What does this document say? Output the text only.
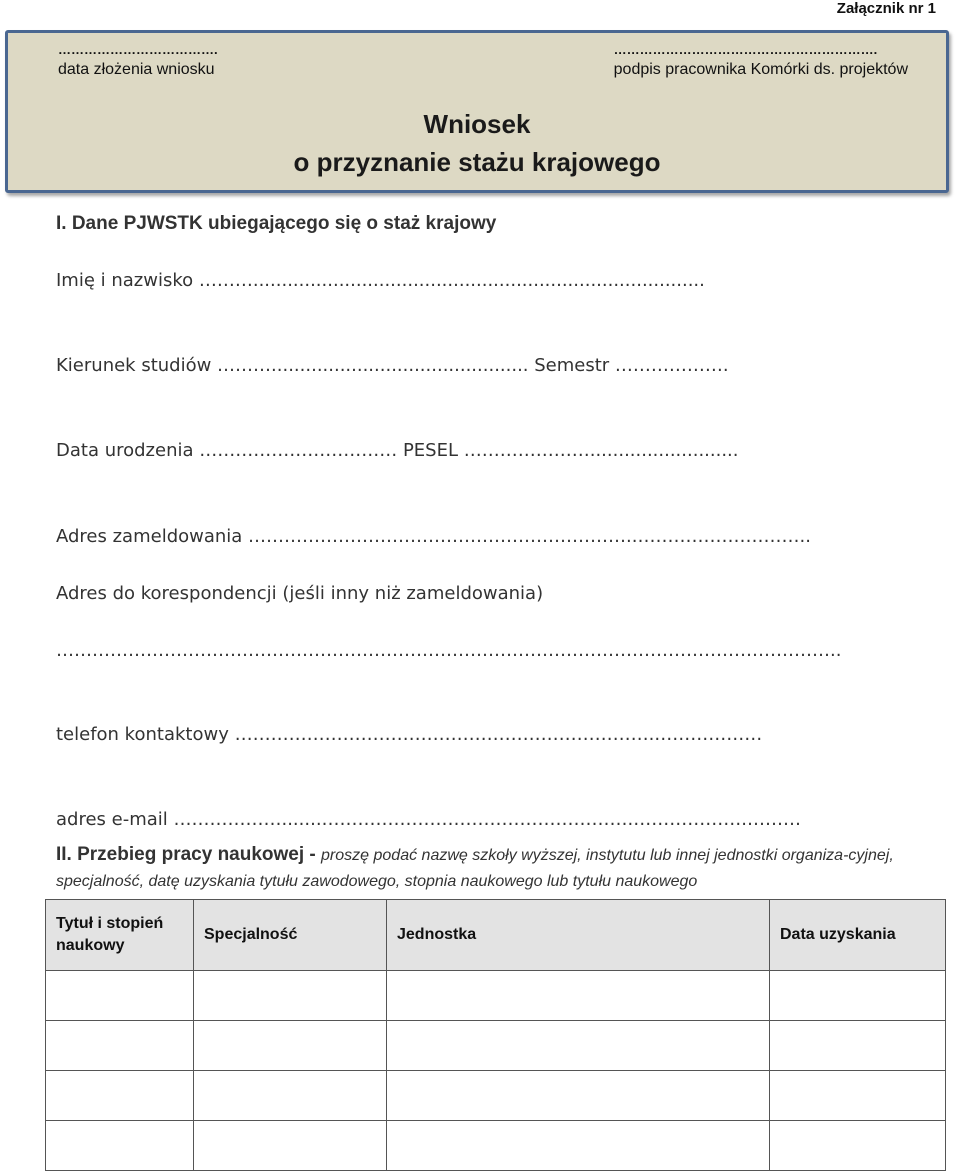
Załącznik nr 1
……………………………….
data złożenia wniosku
…………………………………………………….
podpis pracownika Komórki ds. projektów
Wniosek
o przyznanie stażu krajowego
I. Dane PJWSTK ubiegającego się o staż krajowy
Imię i nazwisko ………...............................................................................
Kierunek studiów ………............................................. Semestr ……………….
Data urodzenia …………………………… PESEL …………………..........................
Adres zameldowania ………………………………………………………..………………………..
Adres do korespondencji (jeśli inny niż zameldowania)
…………………………………………………………………………………………………………………..
telefon kontaktowy …………………………………………………………….………………
adres e-mail ……………….......…………………………………………….……………….………
II. Przebieg pracy naukowej - proszę podać nazwę szkoły wyższej, instytutu lub innej jednostki organiza-cyjnej, specjalność, datę uzyskania tytułu zawodowego, stopnia naukowego lub tytułu naukowego
Tytuł i stopień naukowy	Specjalność	Jednostka	Data uzyskania
